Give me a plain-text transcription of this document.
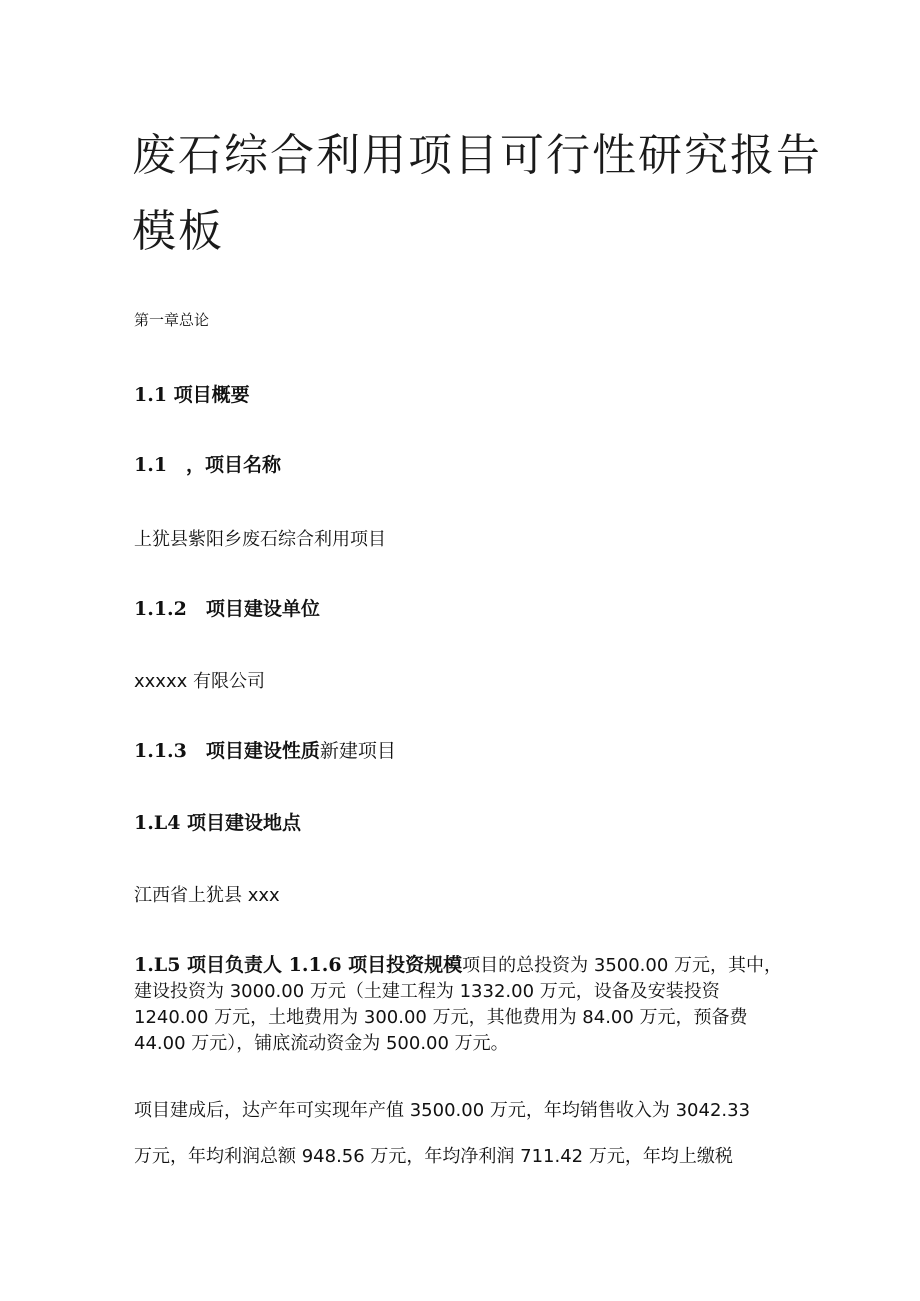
废石综合利用项目可行性研究报告模板

第一章总论

1.1 项目概要

1.1　，项目名称

上犹县紫阳乡废石综合利用项目

1.1.2　项目建设单位

xxxxx 有限公司

1.1.3　项目建设性质新建项目

1.L4 项目建设地点

江西省上犹县 xxx

1.L5 项目负责人 1.1.6 项目投资规模项目的总投资为 3500.00 万元，其中，建设投资为 3000.00 万元（土建工程为 1332.00 万元，设备及安装投资 1240.00 万元，土地费用为 300.00 万元，其他费用为 84.00 万元，预备费 44.00 万元），铺底流动资金为 500.00 万元。

项目建成后，达产年可实现年产值 3500.00 万元，年均销售收入为 3042.33

万元，年均利润总额 948.56 万元，年均净利润 711.42 万元，年均上缴税
